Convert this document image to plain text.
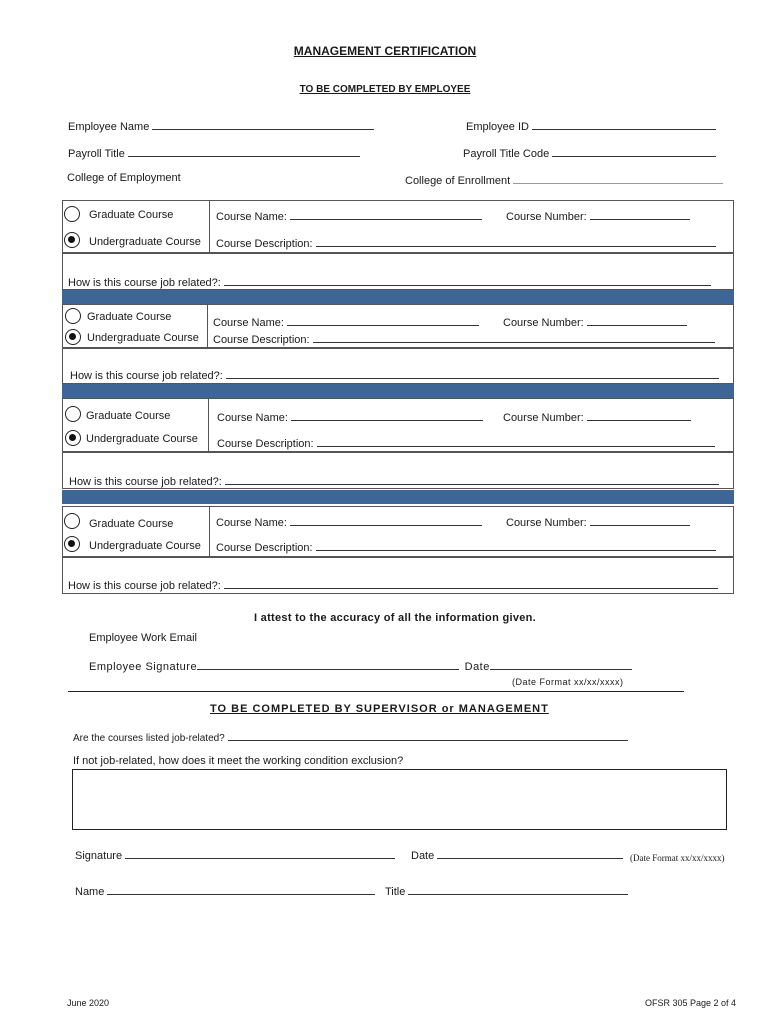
MANAGEMENT CERTIFICATION
TO BE COMPLETED BY EMPLOYEE
Employee Name	Employee ID
Payroll Title	Payroll Title Code
College of Employment	College of Enrollment
Graduate Course
Undergraduate Course
Course Name:	Course Number:
Course Description:
How is this course job related?:
Graduate Course
Undergraduate Course
Course Name:	Course Number:
Course Description:
How is this course job related?:
Graduate Course
Undergraduate Course
Course Name:	Course Number:
Course Description:
How is this course job related?:
Graduate Course
Undergraduate Course
Course Name:	Course Number:
Course Description:
How is this course job related?:
I attest to the accuracy of all the information given.
Employee Work Email
Employee Signature	Date
(Date Format xx/xx/xxxx)
TO BE COMPLETED BY SUPERVISOR or MANAGEMENT
Are the courses listed job-related?
If not job-related, how does it meet the working condition exclusion?
Signature	Date	(Date Format xx/xx/xxxx)
Name	Title
June 2020	OFSR 305 Page 2 of 4
